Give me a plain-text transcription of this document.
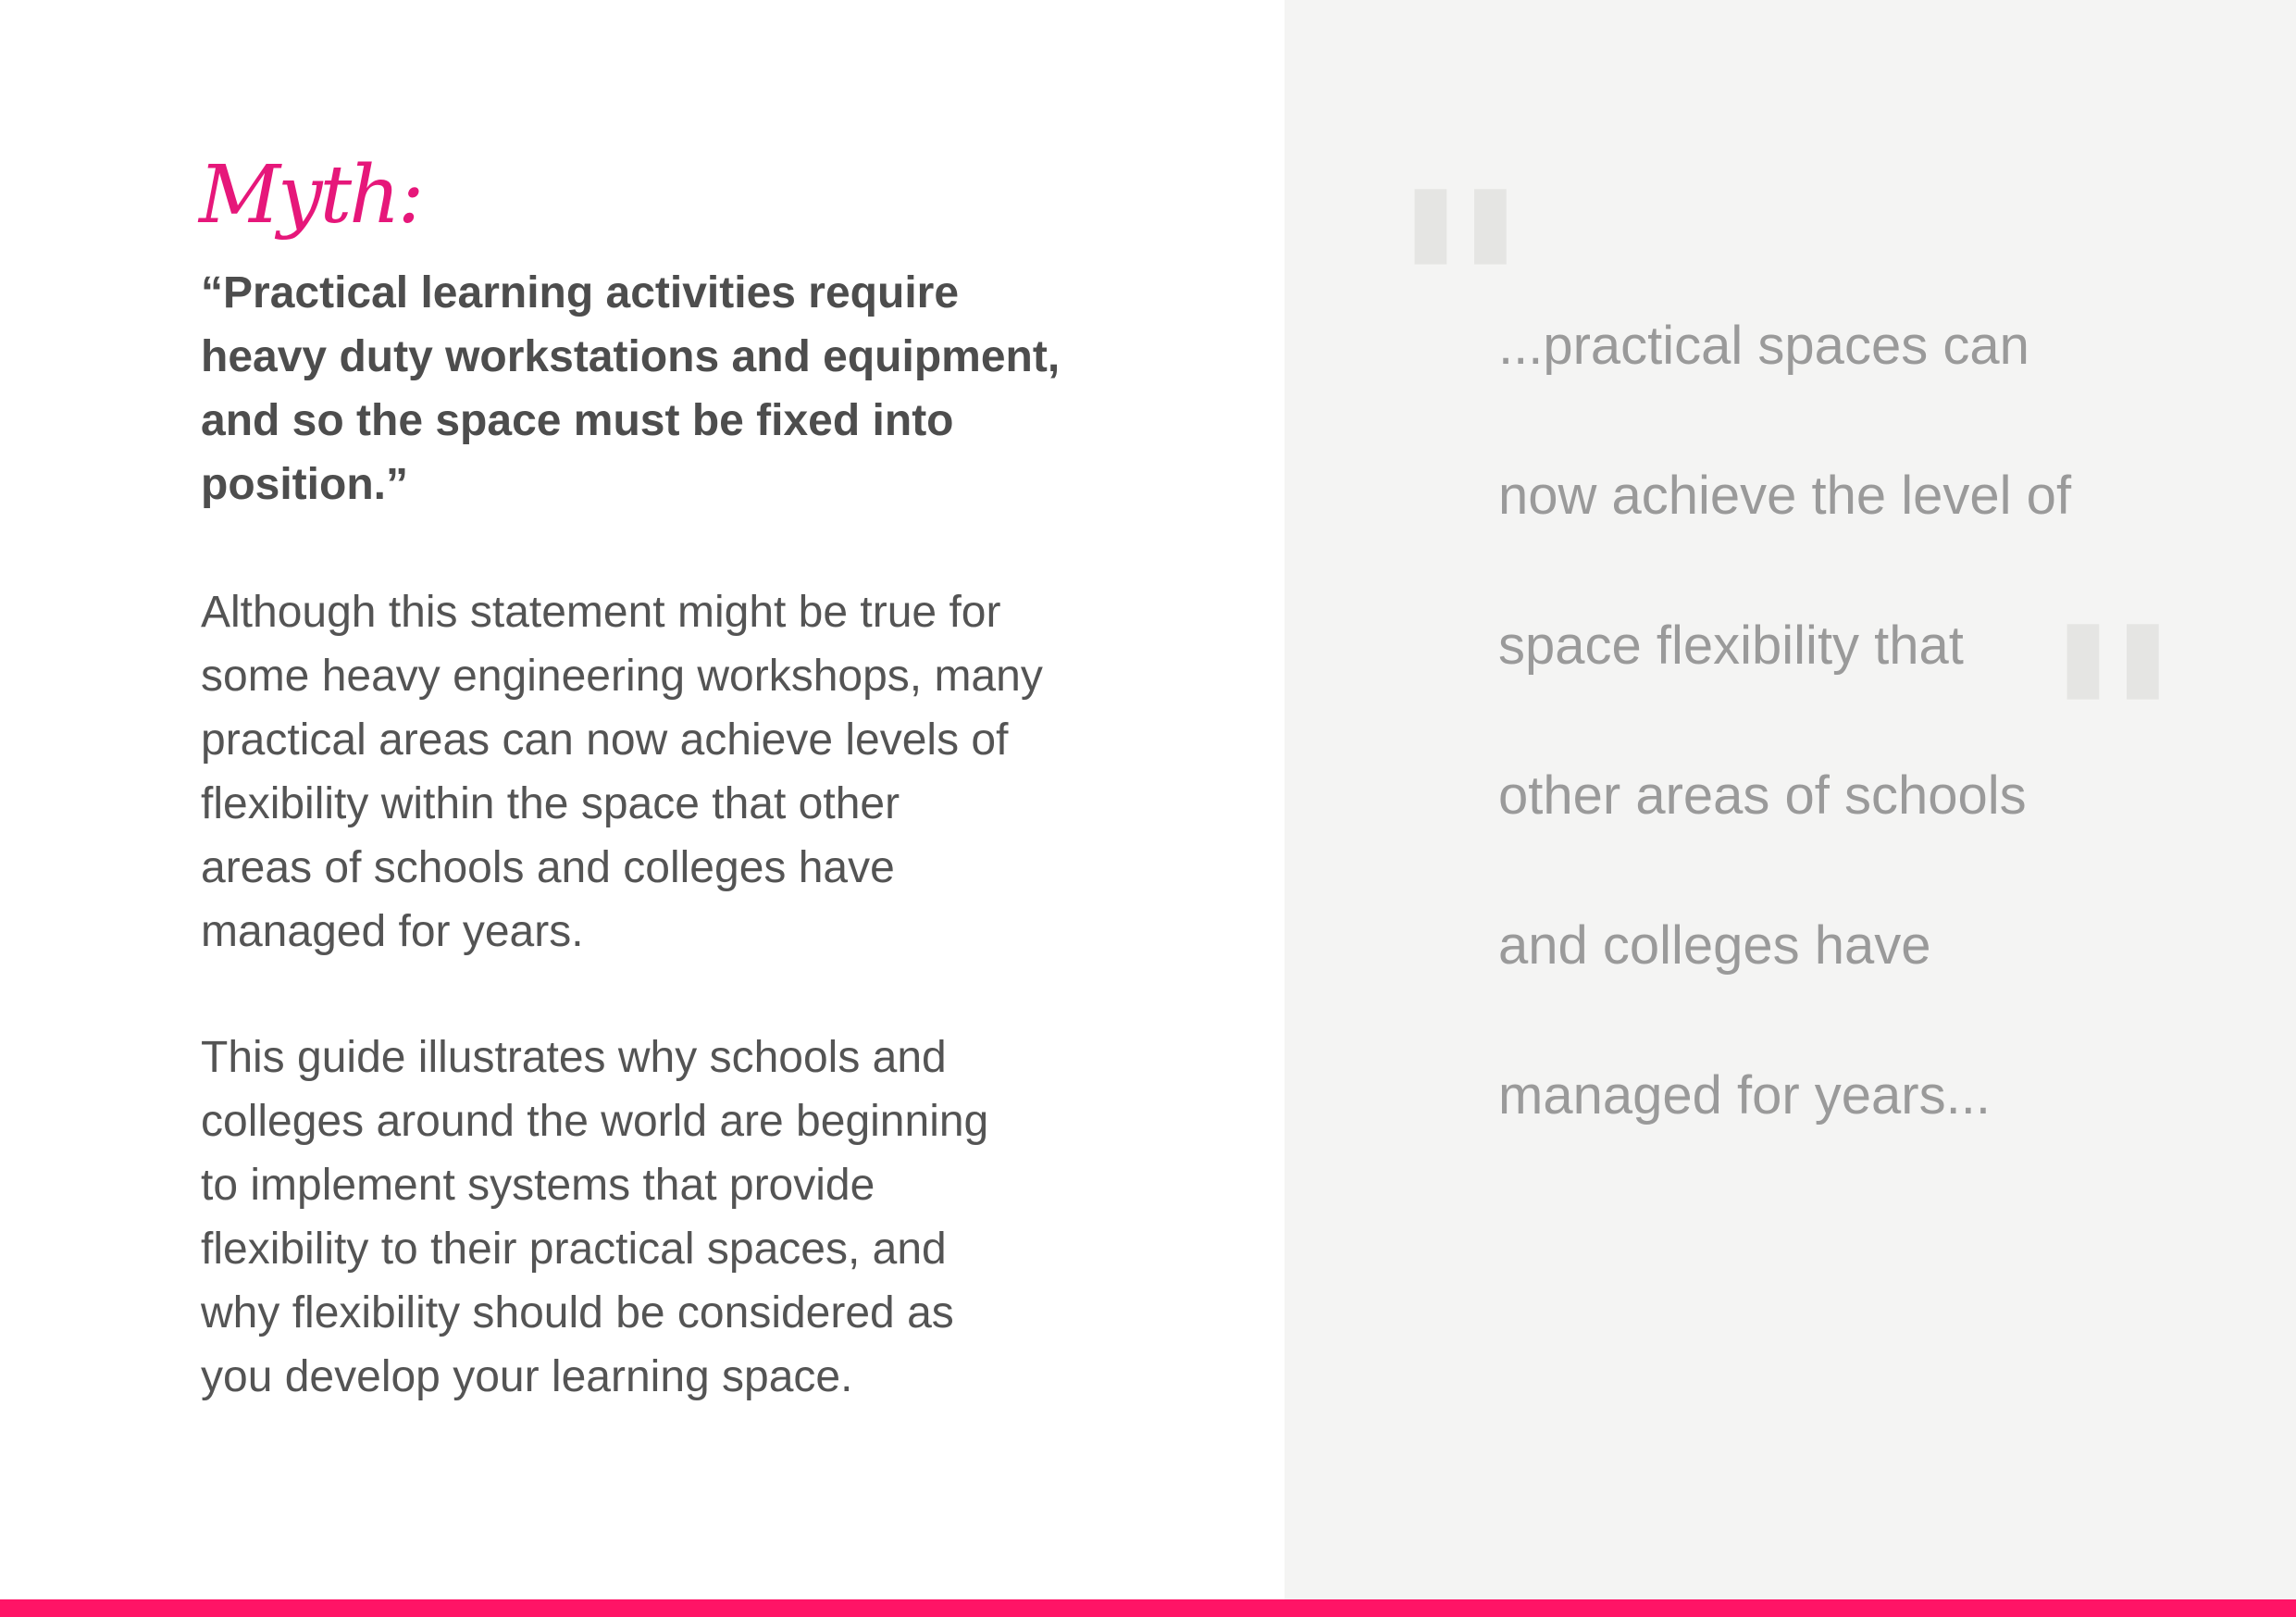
Myth:

“Practical learning activities require
heavy duty workstations and equipment,
and so the space must be fixed into
position.”

Although this statement might be true for
some heavy engineering workshops, many
practical areas can now achieve levels of
flexibility within the space that other
areas of schools and colleges have
managed for years.

This guide illustrates why schools and
colleges around the world are beginning
to implement systems that provide
flexibility to their practical spaces, and
why flexibility should be considered as
you develop your learning space.

"
"

...practical spaces can

now achieve the level of

space flexibility that

other areas of schools

and colleges have

managed for years...
